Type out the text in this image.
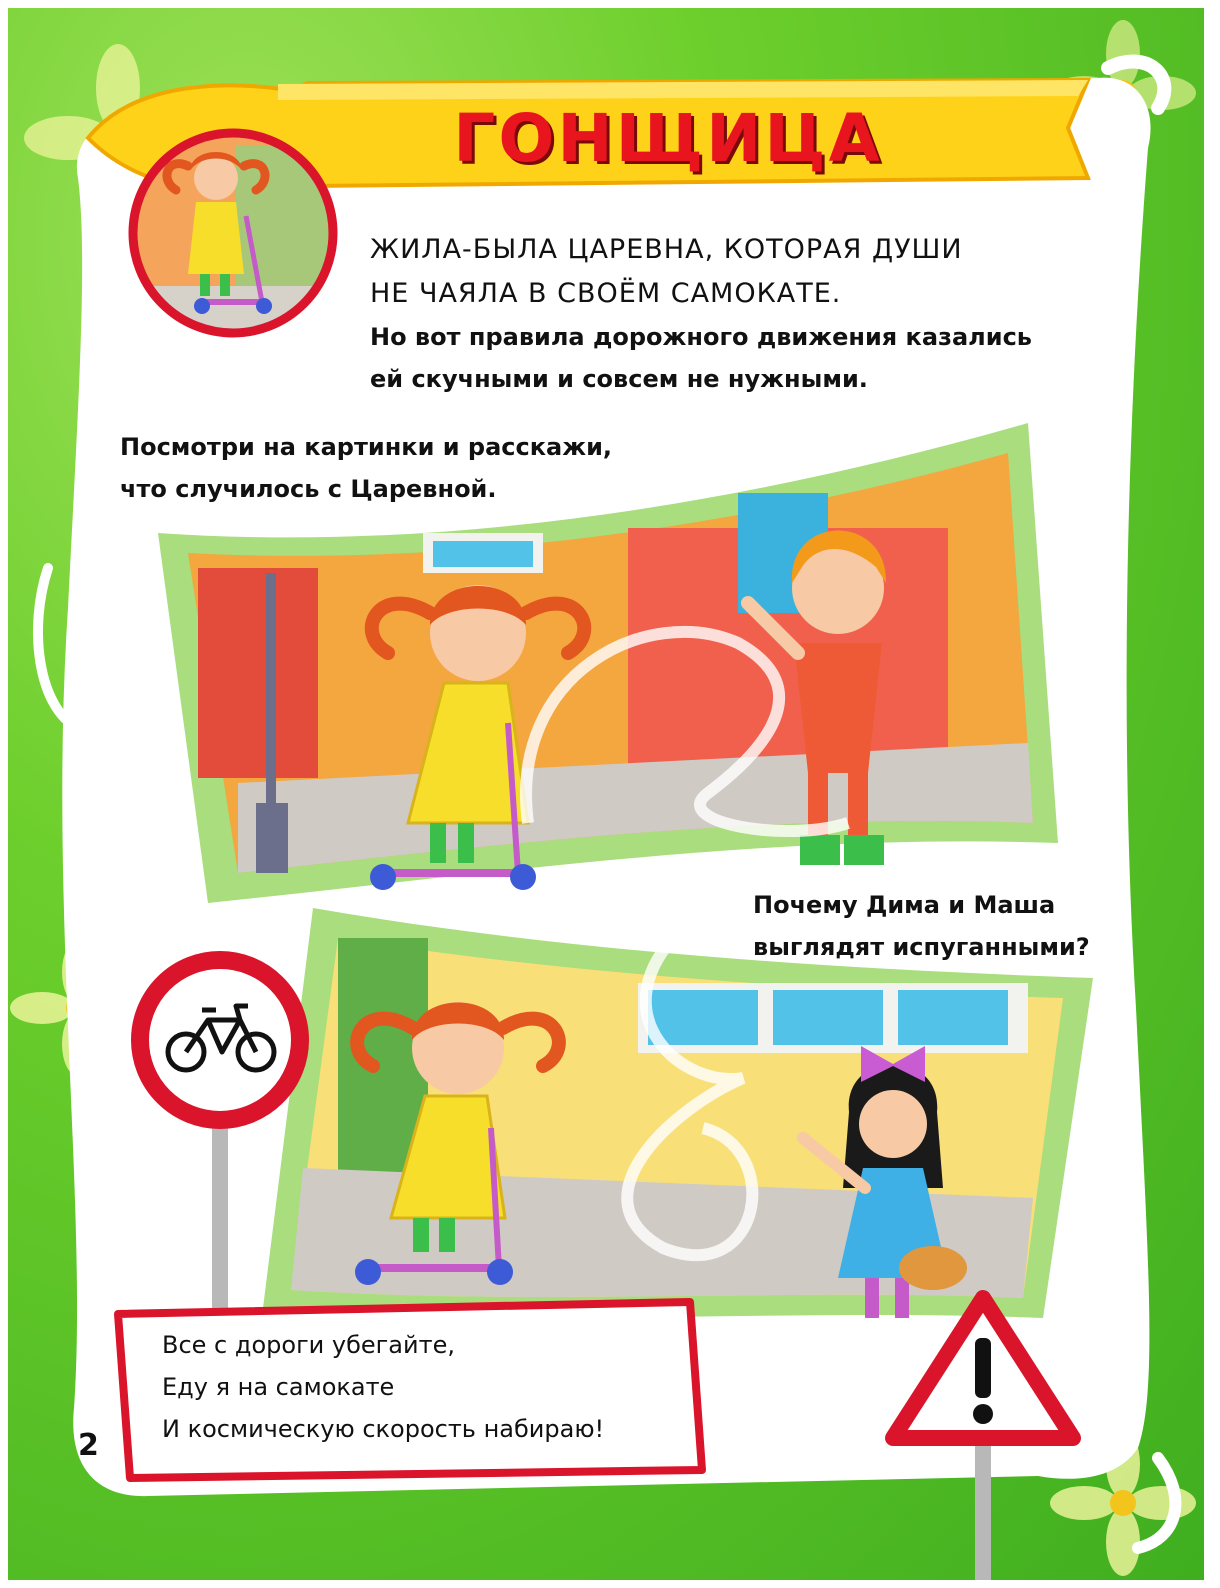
ГОНЩИЦА

ЖИЛА-БЫЛА ЦАРЕВНА, КОТОРАЯ ДУШИ
НЕ ЧАЯЛА В СВОЁМ САМОКАТЕ.

Но вот правила дорожного движения казались
ей скучными и совсем не нужными.

Посмотри на картинки и расскажи,
что случилось с Царевной.

Почему Дима и Маша
выглядят испуганными?

Все с дороги убегайте,
Еду я на самокате
И космическую скорость набираю!

2
